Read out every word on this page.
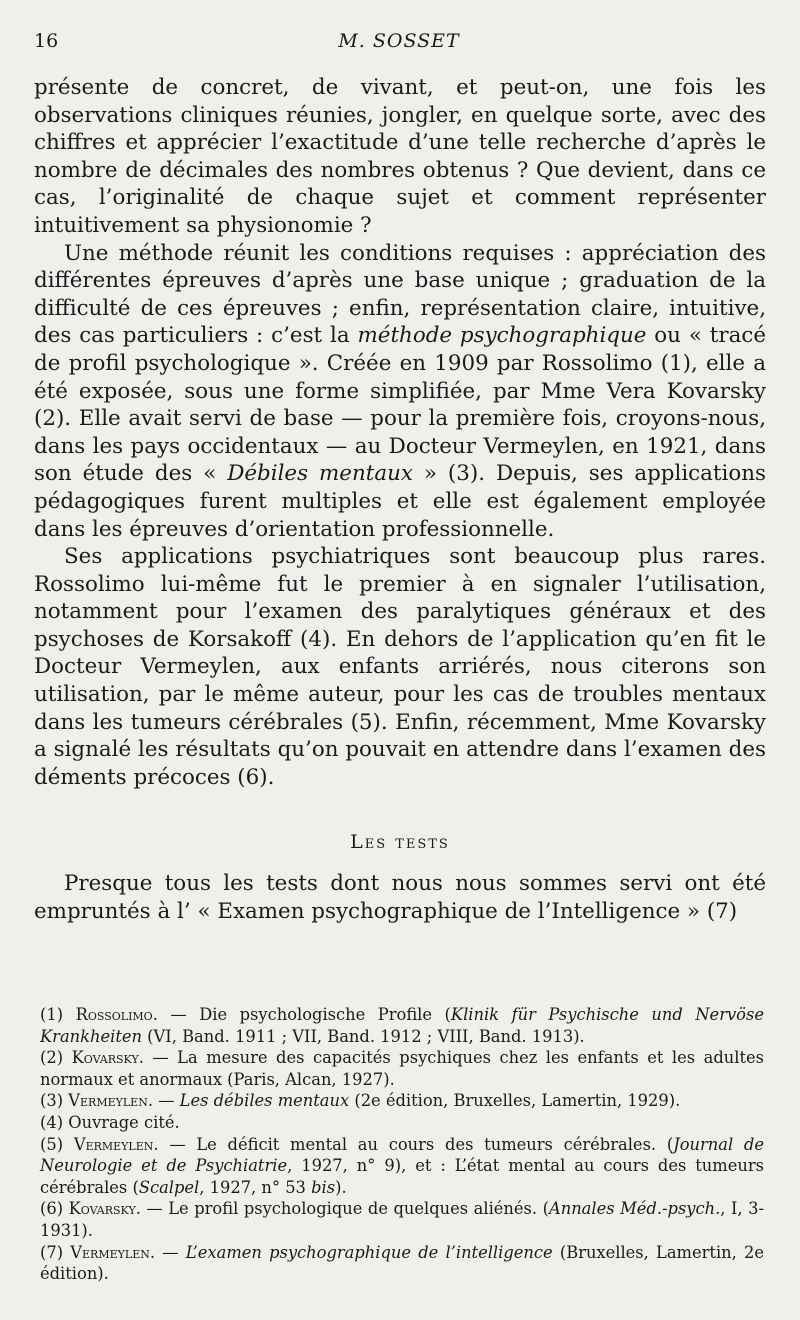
16	M. SOSSET

présente de concret, de vivant, et peut-on, une fois les observations cliniques réunies, jongler, en quelque sorte, avec des chiffres et apprécier l’exactitude d’une telle recherche d’après le nombre de décimales des nombres obtenus ? Que devient, dans ce cas, l’originalité de chaque sujet et comment représenter intuitivement sa physionomie ?

Une méthode réunit les conditions requises : appréciation des différentes épreuves d’après une base unique ; graduation de la difficulté de ces épreuves ; enfin, représentation claire, intuitive, des cas particuliers : c’est la méthode psychographique ou « tracé de profil psychologique ». Créée en 1909 par Rossolimo (1), elle a été exposée, sous une forme simplifiée, par Mme Vera Kovarsky (2). Elle avait servi de base — pour la première fois, croyons-nous, dans les pays occidentaux — au Docteur Vermeylen, en 1921, dans son étude des « Débiles mentaux » (3). Depuis, ses applications pédagogiques furent multiples et elle est également employée dans les épreuves d’orientation professionnelle.

Ses applications psychiatriques sont beaucoup plus rares. Rossolimo lui-même fut le premier à en signaler l’utilisation, notamment pour l’examen des paralytiques généraux et des psychoses de Korsakoff (4). En dehors de l’application qu’en fit le Docteur Vermeylen, aux enfants arriérés, nous citerons son utilisation, par le même auteur, pour les cas de troubles mentaux dans les tumeurs cérébrales (5). Enfin, récemment, Mme Kovarsky a signalé les résultats qu’on pouvait en attendre dans l’examen des déments précoces (6).

Les tests

Presque tous les tests dont nous nous sommes servi ont été empruntés à l’ « Examen psychographique de l’Intelligence » (7)

(1) Rossolimo. — Die psychologische Profile (Klinik für Psychische und Nervöse Krankheiten (VI, Band. 1911 ; VII, Band. 1912 ; VIII, Band. 1913).

(2) Kovarsky. — La mesure des capacités psychiques chez les enfants et les adultes normaux et anormaux (Paris, Alcan, 1927).

(3) Vermeylen. — Les débiles mentaux (2e édition, Bruxelles, Lamertin, 1929).

(4) Ouvrage cité.

(5) Vermeylen. — Le déficit mental au cours des tumeurs cérébrales. (Journal de Neurologie et de Psychiatrie, 1927, n° 9), et : L’état mental au cours des tumeurs cérébrales (Scalpel, 1927, n° 53 bis).

(6) Kovarsky. — Le profil psychologique de quelques aliénés. (Annales Méd.-psych., I, 3-1931).

(7) Vermeylen. — L’examen psychographique de l’intelligence (Bruxelles, Lamertin, 2e édition).
